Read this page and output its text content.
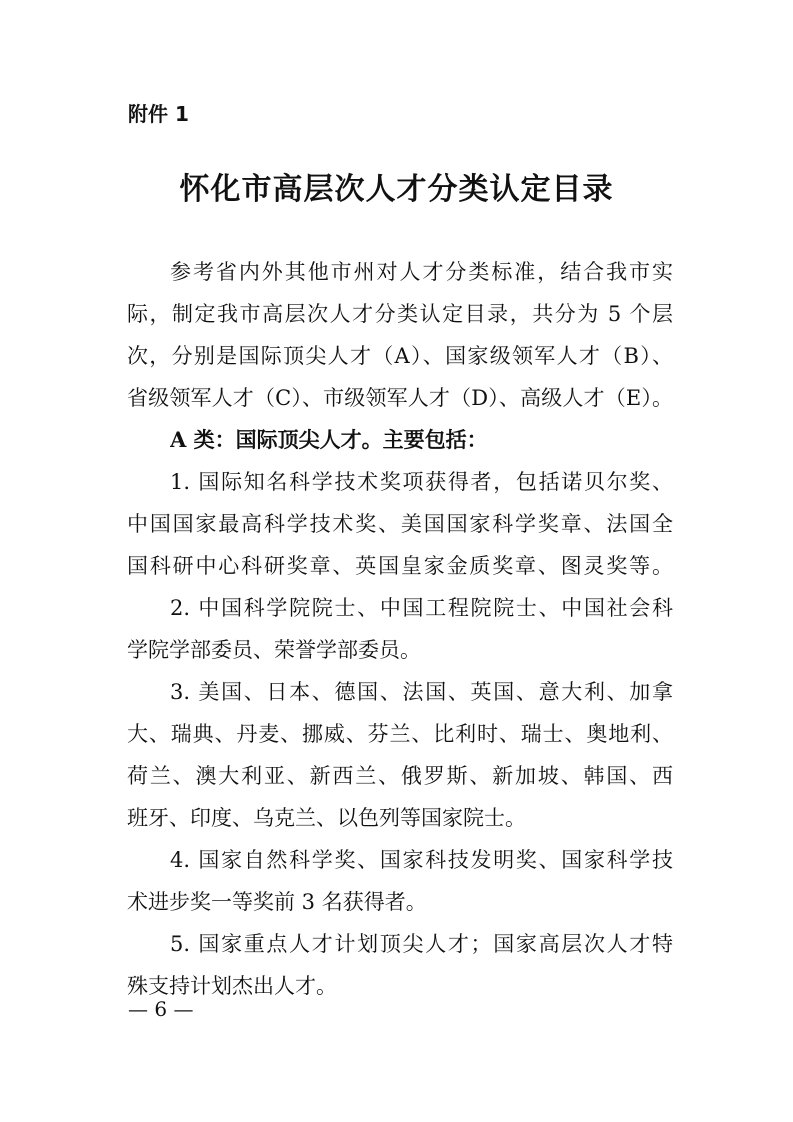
附件 1
怀化市高层次人才分类认定目录
参考省内外其他市州对人才分类标准，结合我市实
际，制定我市高层次人才分类认定目录，共分为 5 个层
次，分别是国际顶尖人才（A）、国家级领军人才（B）、
省级领军人才（C）、市级领军人才（D）、高级人才（E）。
A 类：国际顶尖人才。主要包括：
1. 国际知名科学技术奖项获得者，包括诺贝尔奖、
中国国家最高科学技术奖、美国国家科学奖章、法国全
国科研中心科研奖章、英国皇家金质奖章、图灵奖等。
2. 中国科学院院士、中国工程院院士、中国社会科
学院学部委员、荣誉学部委员。
3. 美国、日本、德国、法国、英国、意大利、加拿
大、瑞典、丹麦、挪威、芬兰、比利时、瑞士、奥地利、
荷兰、澳大利亚、新西兰、俄罗斯、新加坡、韩国、西
班牙、印度、乌克兰、以色列等国家院士。
4. 国家自然科学奖、国家科技发明奖、国家科学技
术进步奖一等奖前 3 名获得者。
5. 国家重点人才计划顶尖人才；国家高层次人才特
殊支持计划杰出人才。
— 6 —
